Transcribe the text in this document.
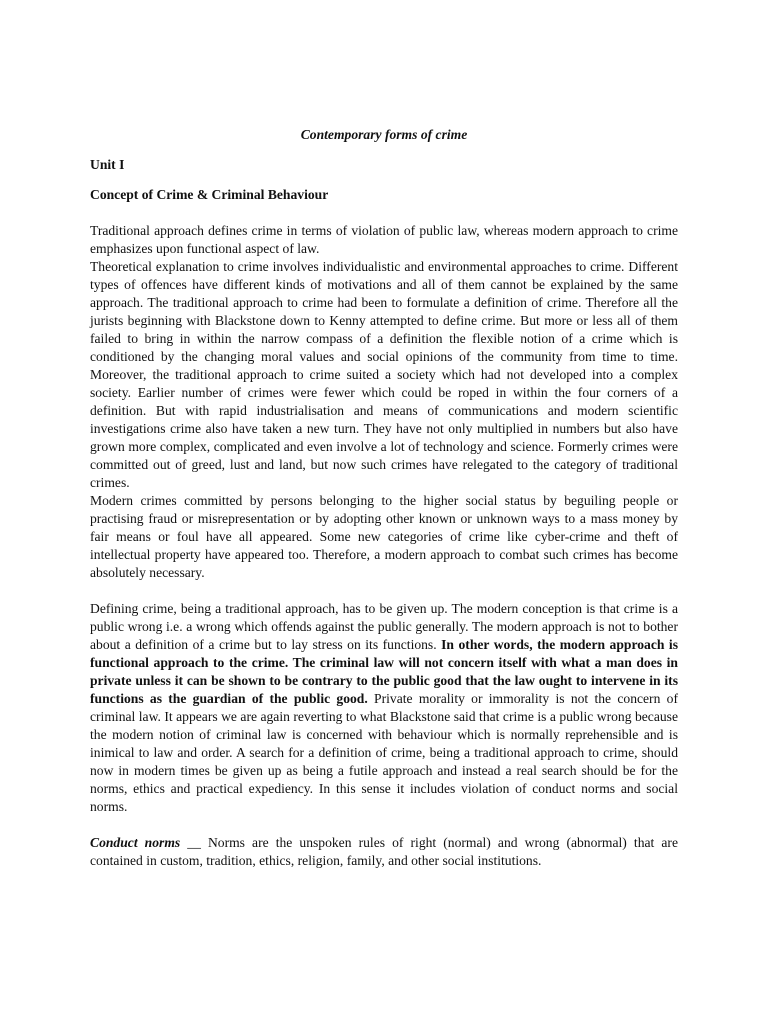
Contemporary forms of crime
Unit I
Concept of Crime & Criminal Behaviour

Traditional approach defines crime in terms of violation of public law, whereas modern approach to crime emphasizes upon functional aspect of law.

Theoretical explanation to crime involves individualistic and environmental approaches to crime. Different types of offences have different kinds of motivations and all of them cannot be explained by the same approach. The traditional approach to crime had been to formulate a definition of crime. Therefore all the jurists beginning with Blackstone down to Kenny attempted to define crime. But more or less all of them failed to bring in within the narrow compass of a definition the flexible notion of a crime which is conditioned by the changing moral values and social opinions of the community from time to time. Moreover, the traditional approach to crime suited a society which had not developed into a complex society. Earlier number of crimes were fewer which could be roped in within the four corners of a definition. But with rapid industrialisation and means of communications and modern scientific investigations crime also have taken a new turn. They have not only multiplied in numbers but also have grown more complex, complicated and even involve a lot of technology and science. Formerly crimes were committed out of greed, lust and land, but now such crimes have relegated to the category of traditional crimes.

Modern crimes committed by persons belonging to the higher social status by beguiling people or practising fraud or misrepresentation or by adopting other known or unknown ways to a mass money by fair means or foul have all appeared. Some new categories of crime like cyber-crime and theft of intellectual property have appeared too. Therefore, a modern approach to combat such crimes has become absolutely necessary.

Defining crime, being a traditional approach, has to be given up. The modern conception is that crime is a public wrong i.e. a wrong which offends against the public generally. The modern approach is not to bother about a definition of a crime but to lay stress on its functions. In other words, the modern approach is functional approach to the crime. The criminal law will not concern itself with what a man does in private unless it can be shown to be contrary to the public good that the law ought to intervene in its functions as the guardian of the public good. Private morality or immorality is not the concern of criminal law. It appears we are again reverting to what Blackstone said that crime is a public wrong because the modern notion of criminal law is concerned with behaviour which is normally reprehensible and is inimical to law and order. A search for a definition of crime, being a traditional approach to crime, should now in modern times be given up as being a futile approach and instead a real search should be for the norms, ethics and practical expediency. In this sense it includes violation of conduct norms and social norms.

Conduct norms __ Norms are the unspoken rules of right (normal) and wrong (abnormal) that are contained in custom, tradition, ethics, religion, family, and other social institutions.
